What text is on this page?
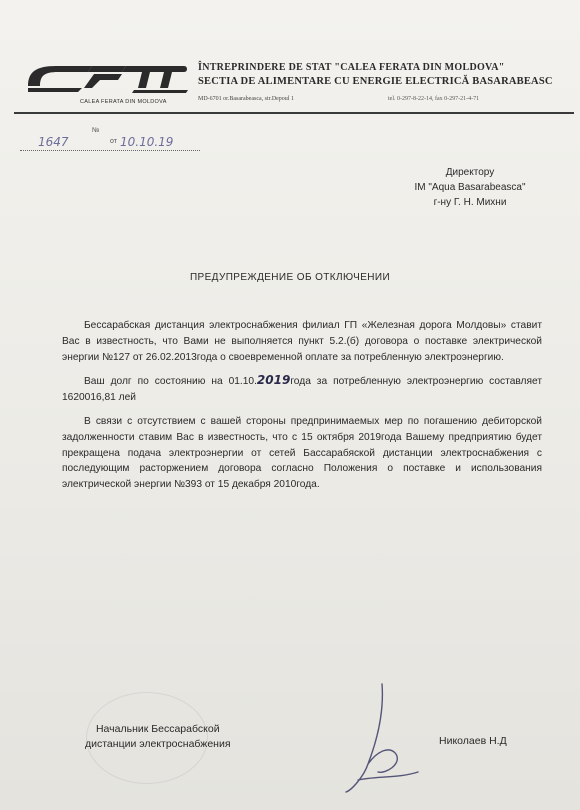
CALEA FERATA DIN MOLDOVA
ÎNTREPRINDERE DE STAT "CALEA FERATA DIN MOLDOVA"
SECTIA DE ALIMENTARE CU ENERGIE ELECTRICĂ BASARABEASC
MD-6701 or.Basarabeasca, str.Depoul 1	tel. 0-297-8-22-14, fax 0-297-21-4-71
№
от
1647	10.10.19
Директору
IM "Aqua Basarabeasca"
г-ну Г. Н. Михни
ПРЕДУПРЕЖДЕНИЕ ОБ ОТКЛЮЧЕНИИ

Бессарабская дистанция электроснабжения филиал ГП «Железная дорога Молдовы» ставит Вас в известность, что Вами не выполняется пункт 5.2.(б) договора о поставке электрической энергии №127 от 26.02.2013года о своевременной оплате за потребленную электроэнергию.

Ваш долг по состоянию на 01.10.2019года за потребленную электроэнергию составляет 1620016,81 лей

В связи с отсутствием с вашей стороны предпринимаемых мер по погашению дебиторской задолженности ставим Вас в известность, что с 15 октября 2019года Вашему предприятию будет прекращена подача электроэнергии от сетей Бассарабяской дистанции электроснабжения с последующим расторжением договора согласно Положения о поставке и использования электрической энергии №393 от 15 декабря 2010года.

Начальник Бессарабской
дистанции электроснабжения	Николаев Н.Д
